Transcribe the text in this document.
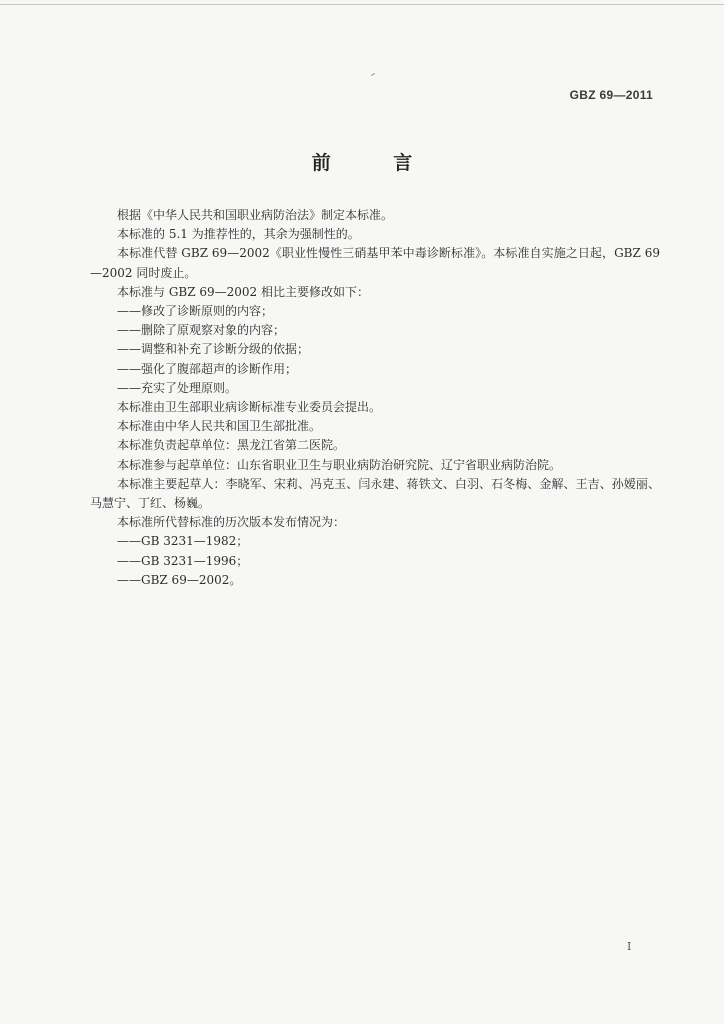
GBZ 69—2011
前 言

根据《中华人民共和国职业病防治法》制定本标准。

本标准的 5.1 为推荐性的，其余为强制性的。

本标准代替 GBZ 69—2002《职业性慢性三硝基甲苯中毒诊断标准》。本标准自实施之日起，GBZ 69—2002 同时废止。

本标准与 GBZ 69—2002 相比主要修改如下：

——修改了诊断原则的内容；

——删除了原观察对象的内容；

——调整和补充了诊断分级的依据；

——强化了腹部超声的诊断作用；

——充实了处理原则。

本标准由卫生部职业病诊断标准专业委员会提出。

本标准由中华人民共和国卫生部批准。

本标准负责起草单位：黑龙江省第二医院。

本标准参与起草单位：山东省职业卫生与职业病防治研究院、辽宁省职业病防治院。

本标准主要起草人：李晓军、宋莉、冯克玉、闫永建、蒋铁文、白羽、石冬梅、金解、王吉、孙嫒丽、马慧宁、丁红、杨巍。

本标准所代替标准的历次版本发布情况为：

——GB 3231—1982；

——GB 3231—1996；

——GBZ 69—2002。

I
